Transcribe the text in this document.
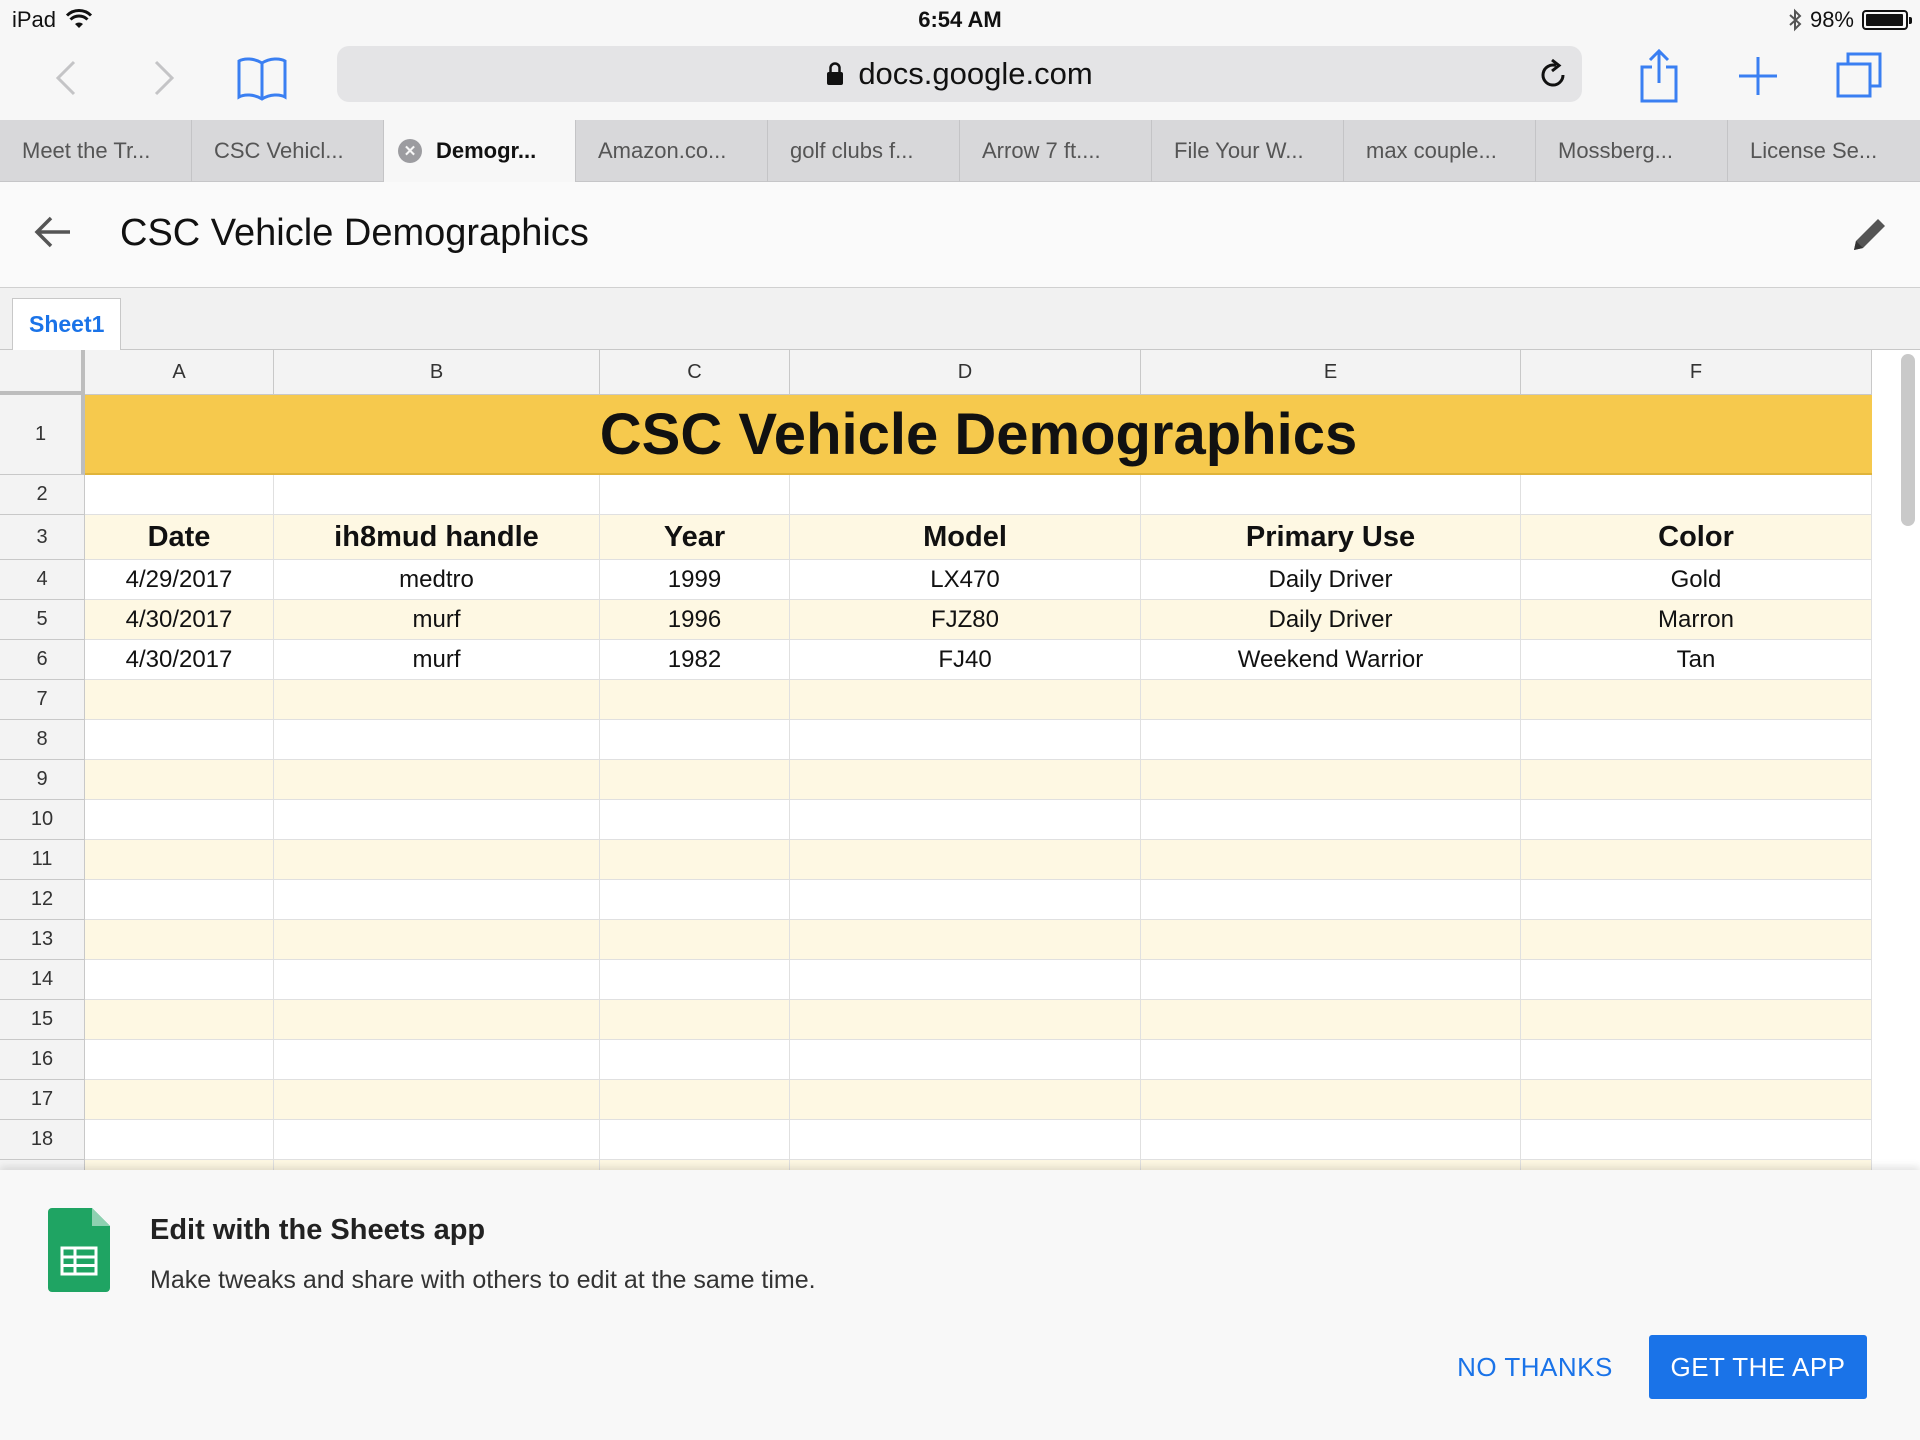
iPad	6:54 AM	98%
docs.google.com
Meet the Tr...	CSC Vehicl...	✕ Demogr...	Amazon.co...	golf clubs f...	Arrow 7 ft....	File Your W...	max couple...	Mossberg...	License Se...
CSC Vehicle Demographics
Sheet1
A	B	C	D	E	F
1
2
3	Date	ih8mud handle	Year	Model	Primary Use	Color
4	4/29/2017	medtro	1999	LX470	Daily Driver	Gold
5	4/30/2017	murf	1996	FJZ80	Daily Driver	Marron
6	4/30/2017	murf	1982	FJ40	Weekend Warrior	Tan
7
8
9
10
11
12
13
14
15
16
17
18
CSC Vehicle Demographics
Edit with the Sheets app
Make tweaks and share with others to edit at the same time.
NO THANKS	GET THE APP
